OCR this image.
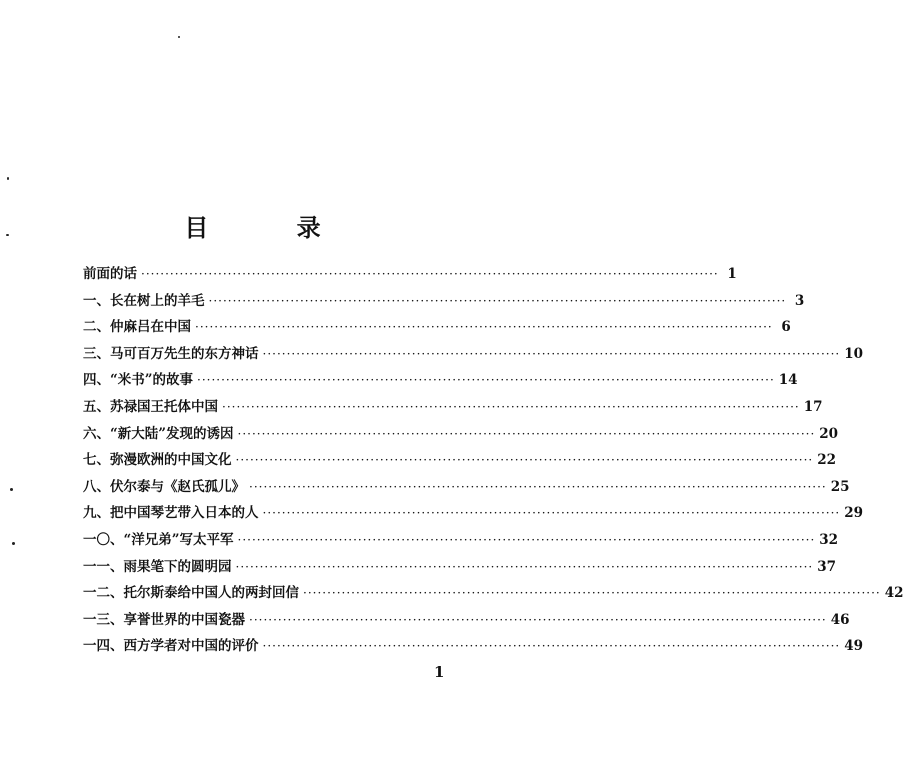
目 录
前面的话 ························································································································ 1
一、长在树上的羊毛 ························································································································ 3
二、仲麻吕在中国 ························································································································ 6
三、马可百万先生的东方神话 ························································································································ 10
四、“米书”的故事 ························································································································ 14
五、苏禄国王托体中国 ························································································································ 17
六、“新大陆”发现的诱因 ························································································································ 20
七、弥漫欧洲的中国文化 ························································································································ 22
八、伏尔泰与《赵氏孤儿》 ························································································································ 25
九、把中国琴艺带入日本的人 ························································································································ 29
一〇、“洋兄弟”写太平军 ························································································································ 32
一一、雨果笔下的圆明园 ························································································································ 37
一二、托尔斯泰给中国人的两封回信 ························································································································ 42
一三、享誉世界的中国瓷器 ························································································································ 46
一四、西方学者对中国的评价 ························································································································ 49
1
